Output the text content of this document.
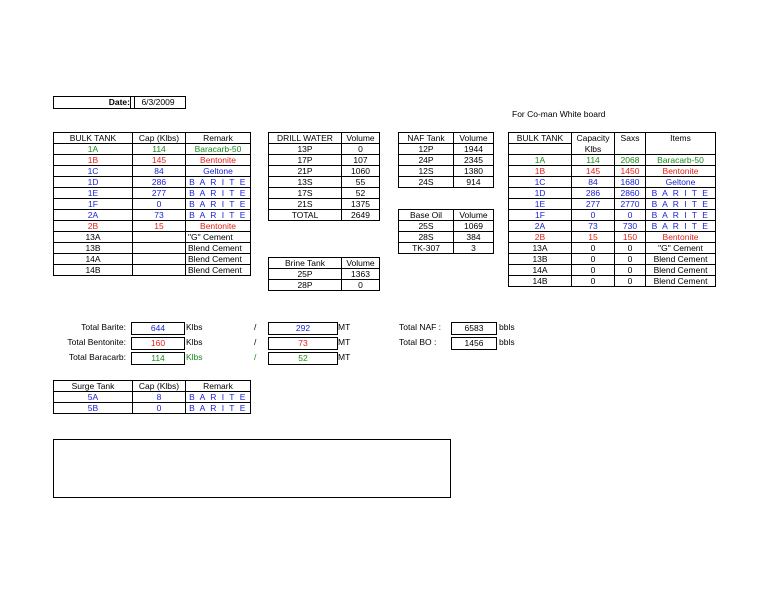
Date:	6/3/2009
For Co-man White board
BULK TANK	Cap (Klbs)	Remark
1A	114	Baracarb-50
1B	145	Bentonite
1C	84	Geltone
1D	286	B A R I T E
1E	277	B A R I T E
1F	0	B A R I T E
2A	73	B A R I T E
2B	15	Bentonite
13A		"G" Cement
13B		Blend Cement
14A		Blend Cement
14B		Blend Cement
DRILL WATER	Volume
13P	0
17P	107
21P	1060
13S	55
17S	52
21S	1375
TOTAL	2649
Brine Tank	Volume
25P	1363
28P	0
NAF Tank	Volume
12P	1944
24P	2345
12S	1380
24S	914
Base Oil	Volume
25S	1069
28S	384
TK-307	3
BULK TANK	Capacity	Saxs	Items
	Klbs		
1A	114	2068	Baracarb-50
1B	145	1450	Bentonite
1C	84	1680	Geltone
1D	286	2860	B A R I T E
1E	277	2770	B A R I T E
1F	0	0	B A R I T E
2A	73	730	B A R I T E
2B	15	150	Bentonite
13A	0	0	"G" Cement
13B	0	0	Blend Cement
14A	0	0	Blend Cement
14B	0	0	Blend Cement
Total Barite:	644	Klbs	/	292	MT
Total Bentonite:	160	Klbs	/	73	MT
Total Baracarb:	114	Klbs	/	52	MT
Total NAF :	6583	bbls
Total BO :	1456	bbls
Surge Tank	Cap (Klbs)	Remark
5A	8	B A R I T E
5B	0	B A R I T E
